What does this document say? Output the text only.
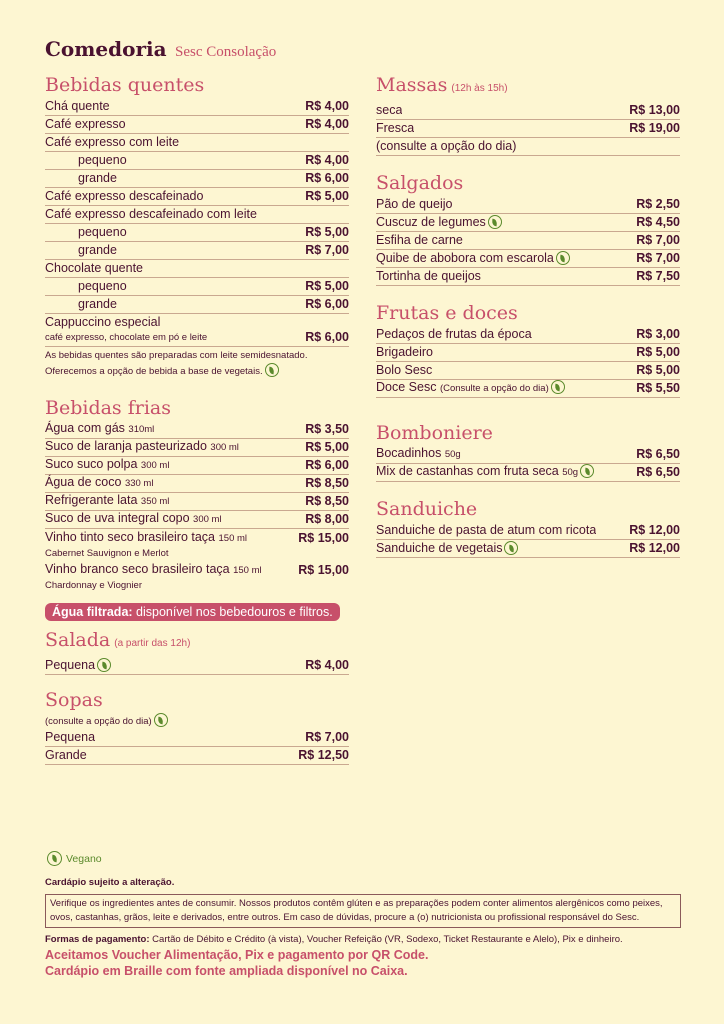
Comedoria Sesc Consolação
Bebidas quentes
Chá quente	R$ 4,00
Café expresso	R$ 4,00
Café expresso com leite
pequeno	R$ 4,00
grande	R$ 6,00
Café expresso descafeinado	R$ 5,00
Café expresso descafeinado com leite
pequeno	R$ 5,00
grande	R$ 7,00
Chocolate quente
pequeno	R$ 5,00
grande	R$ 6,00
Cappuccino especial
café expresso, chocolate em pó e leite	R$ 6,00
As bebidas quentes são preparadas com leite semidesnatado.
Oferecemos a opção de bebida a base de vegetais.
Bebidas frias
Água com gás 310ml	R$ 3,50
Suco de laranja pasteurizado 300 ml	R$ 5,00
Suco suco polpa 300 ml	R$ 6,00
Água de coco 330 ml	R$ 8,50
Refrigerante lata 350 ml	R$ 8,50
Suco de uva integral copo 300 ml	R$ 8,00
Vinho tinto seco brasileiro taça 150 ml	R$ 15,00
Cabernet Sauvignon e Merlot
Vinho branco seco brasileiro taça 150 ml	R$ 15,00
Chardonnay e Viognier
Água filtrada: disponível nos bebedouros e filtros.
Salada (a partir das 12h)
Pequena	R$ 4,00
Sopas
(consulte a opção do dia)
Pequena	R$ 7,00
Grande	R$ 12,50
Massas (12h às 15h)
seca	R$ 13,00
Fresca	R$ 19,00
(consulte a opção do dia)
Salgados
Pão de queijo	R$ 2,50
Cuscuz de legumes	R$ 4,50
Esfiha de carne	R$ 7,00
Quibe de abobora com escarola	R$ 7,00
Tortinha de queijos	R$ 7,50
Frutas e doces
Pedaços de frutas da época	R$ 3,00
Brigadeiro	R$ 5,00
Bolo Sesc	R$ 5,00
Doce Sesc (Consulte a opção do dia)	R$ 5,50
Bomboniere
Bocadinhos 50g	R$ 6,50
Mix de castanhas com fruta seca 50g	R$ 6,50
Sanduiche
Sanduiche de pasta de atum com ricota	R$ 12,00
Sanduiche de vegetais	R$ 12,00
Vegano
Cardápio sujeito a alteração.
Verifique os ingredientes antes de consumir. Nossos produtos contêm glúten e as preparações podem conter alimentos alergênicos como peixes, ovos, castanhas, grãos, leite e derivados, entre outros. Em caso de dúvidas, procure a (o) nutricionista ou profissional responsável do Sesc.
Formas de pagamento: Cartão de Débito e Crédito (à vista), Voucher Refeição (VR, Sodexo, Ticket Restaurante e Alelo), Pix e dinheiro.
Aceitamos Voucher Alimentação, Pix e pagamento por QR Code.
Cardápio em Braille com fonte ampliada disponível no Caixa.
